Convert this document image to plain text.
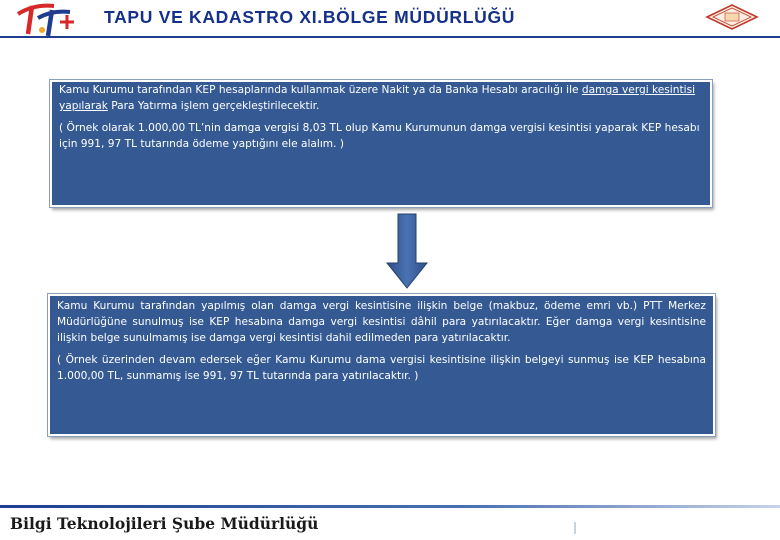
TAPU VE KADASTRO XI.BÖLGE MÜDÜRLÜĞÜ

Kamu Kurumu tarafından KEP hesaplarında kullanmak üzere Nakit ya da Banka Hesabı aracılığı ile damga vergi kesintisi yapılarak Para Yatırma işlem gerçekleştirilecektir.

( Örnek olarak 1.000,00 TL’nin damga vergisi 8,03 TL olup Kamu Kurumunun damga vergisi kesintisi yaparak KEP hesabı için 991, 97 TL tutarında ödeme yaptığını ele alalım. )

Kamu Kurumu tarafından yapılmış olan damga vergi kesintisine ilişkin belge (makbuz, ödeme emri vb.) PTT Merkez Müdürlüğüne sunulmuş ise KEP hesabına damga vergi kesintisi dâhil para yatırılacaktır. Eğer damga vergi kesintisine ilişkin belge sunulmamış ise damga vergi kesintisi dahil edilmeden para yatırılacaktır.

( Örnek üzerinden devam edersek eğer Kamu Kurumu dama vergisi kesintisine ilişkin belgeyi sunmuş ise KEP hesabına 1.000,00 TL, sunmamış ise 991, 97 TL tutarında para yatırılacaktır. )

Bilgi Teknolojileri Şube Müdürlüğü
